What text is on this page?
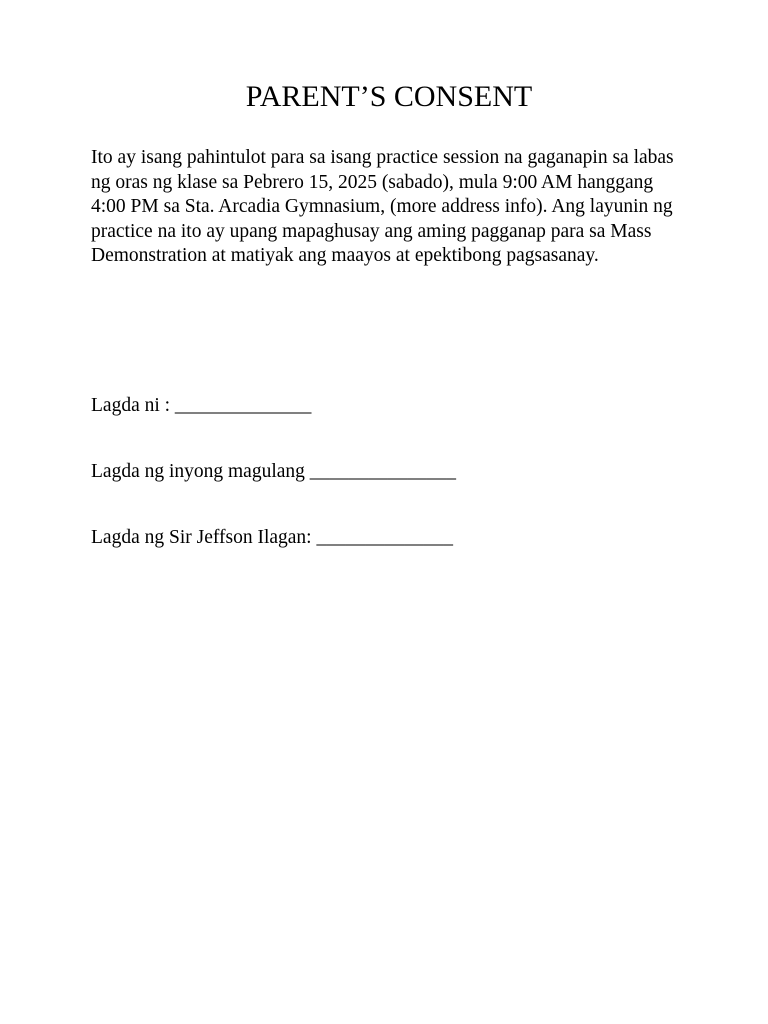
PARENT’S CONSENT

Ito ay isang pahintulot para sa isang practice session na gaganapin sa labas ng oras ng klase sa Pebrero 15, 2025 (sabado), mula 9:00 AM hanggang 4:00 PM sa Sta. Arcadia Gymnasium, (more address info). Ang layunin ng practice na ito ay upang mapaghusay ang aming pagganap para sa Mass Demonstration at matiyak ang maayos at epektibong pagsasanay.

Lagda ni : ______________

Lagda ng inyong magulang _______________

Lagda ng Sir Jeffson Ilagan: ______________
